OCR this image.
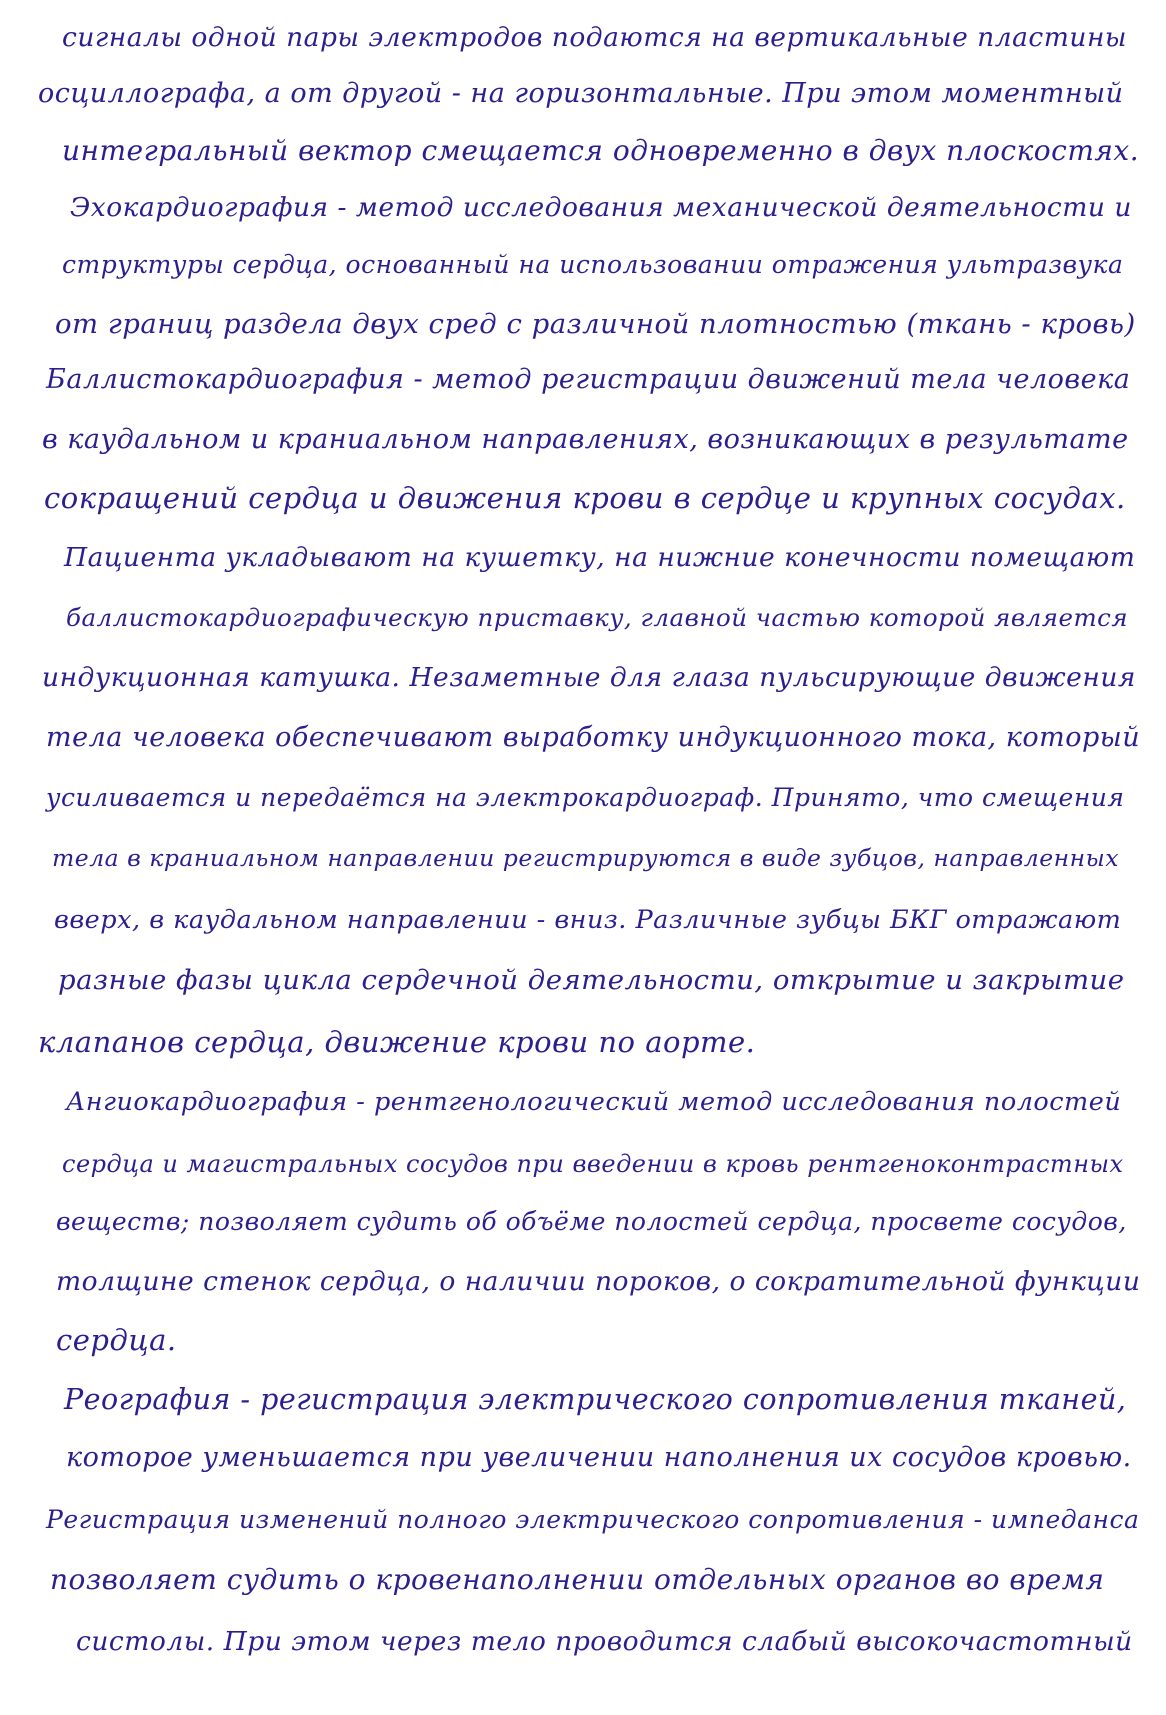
сигналы одной пары электродов подаются на вертикальные пластины
осциллографа, а от другой - на горизонтальные. При этом моментный
интегральный вектор смещается одновременно в двух плоскостях.
Эхокардиография - метод исследования механической деятельности и
структуры сердца, основанный на использовании отражения ультразвука
от границ раздела двух сред с различной плотностью (ткань - кровь)
Баллистокардиография - метод регистрации движений тела человека
в каудальном и краниальном направлениях, возникающих в результате
сокращений сердца и движения крови в сердце и крупных сосудах.
Пациента укладывают на кушетку, на нижние конечности помещают
баллистокардиографическую приставку, главной частью которой является
индукционная катушка. Незаметные для глаза пульсирующие движения
тела человека обеспечивают выработку индукционного тока, который
усиливается и передаётся на электрокардиограф. Принято, что смещения
тела в краниальном направлении регистрируются в виде зубцов, направленных
вверх, в каудальном направлении - вниз. Различные зубцы БКГ отражают
разные фазы цикла сердечной деятельности, открытие и закрытие
клапанов сердца, движение крови по аорте.
Ангиокардиография - рентгенологический метод исследования полостей
сердца и магистральных сосудов при введении в кровь рентгеноконтрастных
веществ; позволяет судить об объёме полостей сердца, просвете сосудов,
толщине стенок сердца, о наличии пороков, о сократительной функции
сердца.
Реография - регистрация электрического сопротивления тканей,
которое уменьшается при увеличении наполнения их сосудов кровью.
Регистрация изменений полного электрического сопротивления - импеданса
позволяет судить о кровенаполнении отдельных органов во время
систолы. При этом через тело проводится слабый высокочастотный
